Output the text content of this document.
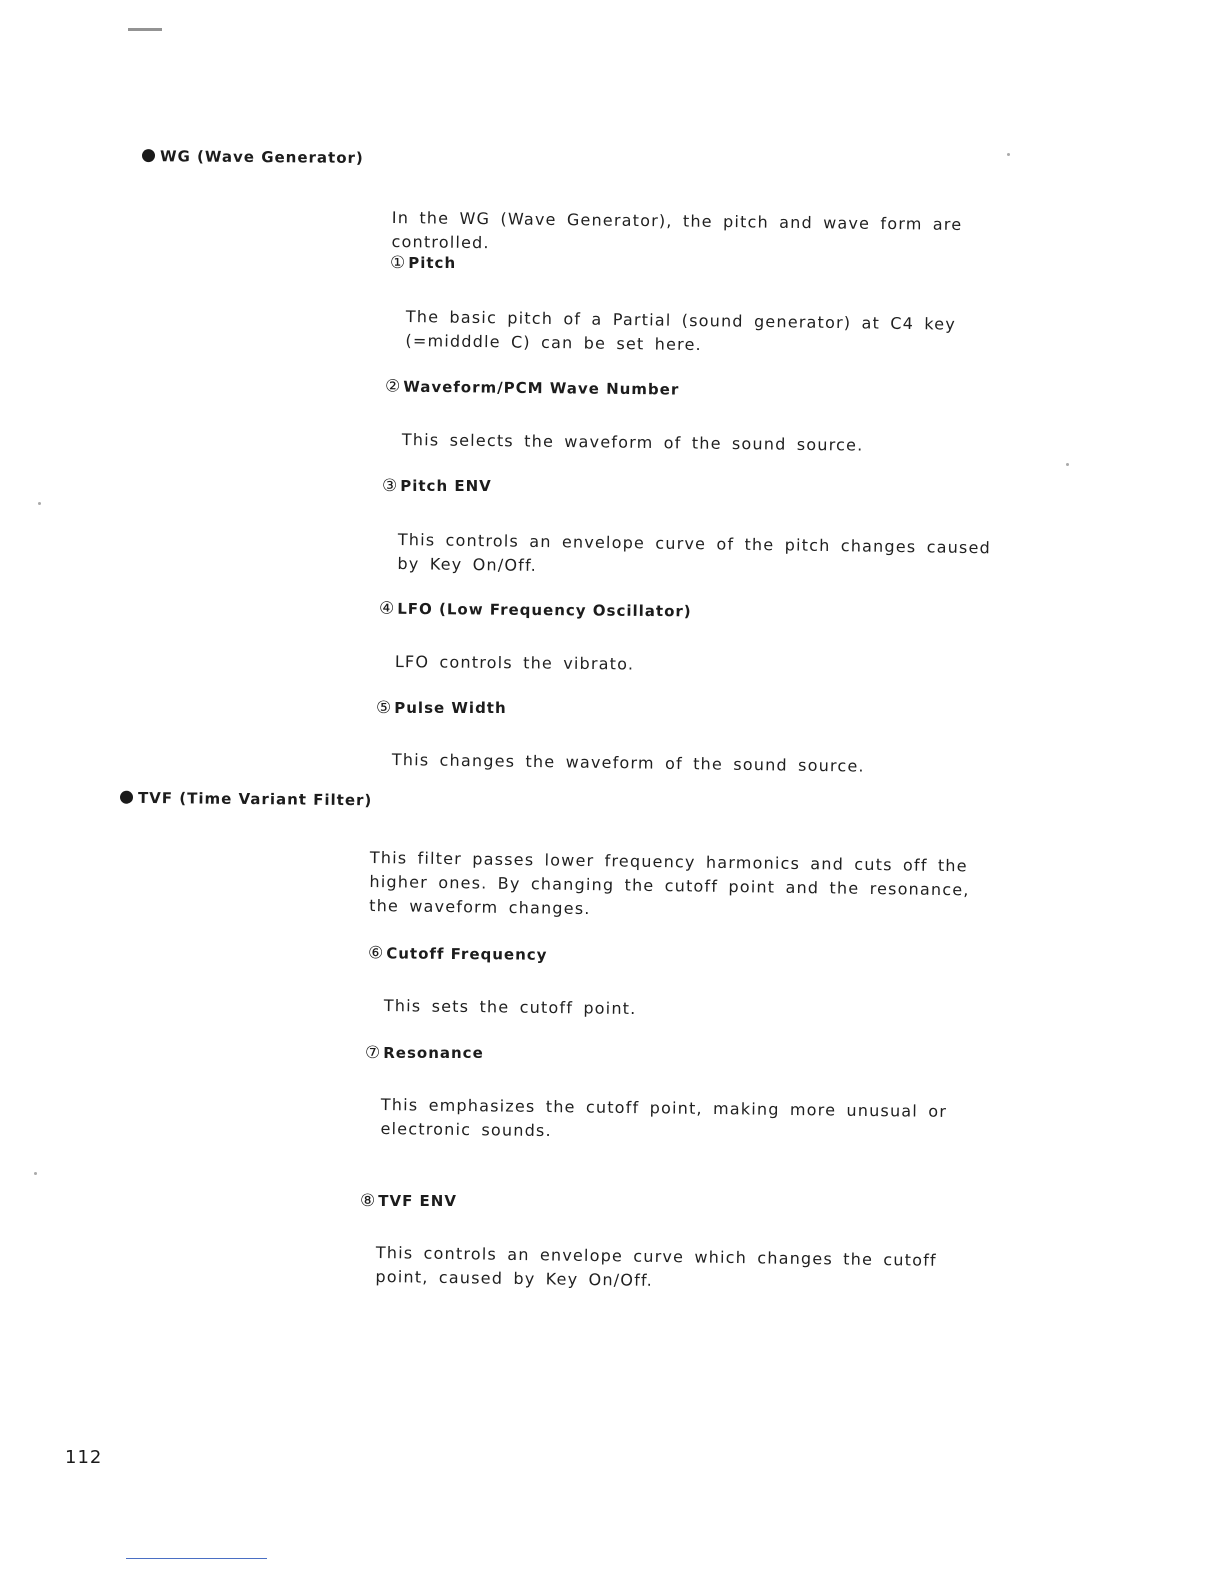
WG (Wave Generator)
In the WG (Wave Generator), the pitch and wave form are controlled.
① Pitch
The basic pitch of a Partial (sound generator) at C4 key (=midddle C) can be set here.
② Waveform/PCM Wave Number
This selects the waveform of the sound source.
③ Pitch ENV
This controls an envelope curve of the pitch changes caused by Key On/Off.
④ LFO (Low Frequency Oscillator)
LFO controls the vibrato.
⑤ Pulse Width
This changes the waveform of the sound source.
TVF (Time Variant Filter)
This filter passes lower frequency harmonics and cuts off the higher ones. By changing the cutoff point and the resonance, the waveform changes.
⑥ Cutoff Frequency
This sets the cutoff point.
⑦ Resonance
This emphasizes the cutoff point, making more unusual or electronic sounds.
⑧ TVF ENV
This controls an envelope curve which changes the cutoff point, caused by Key On/Off.
112
